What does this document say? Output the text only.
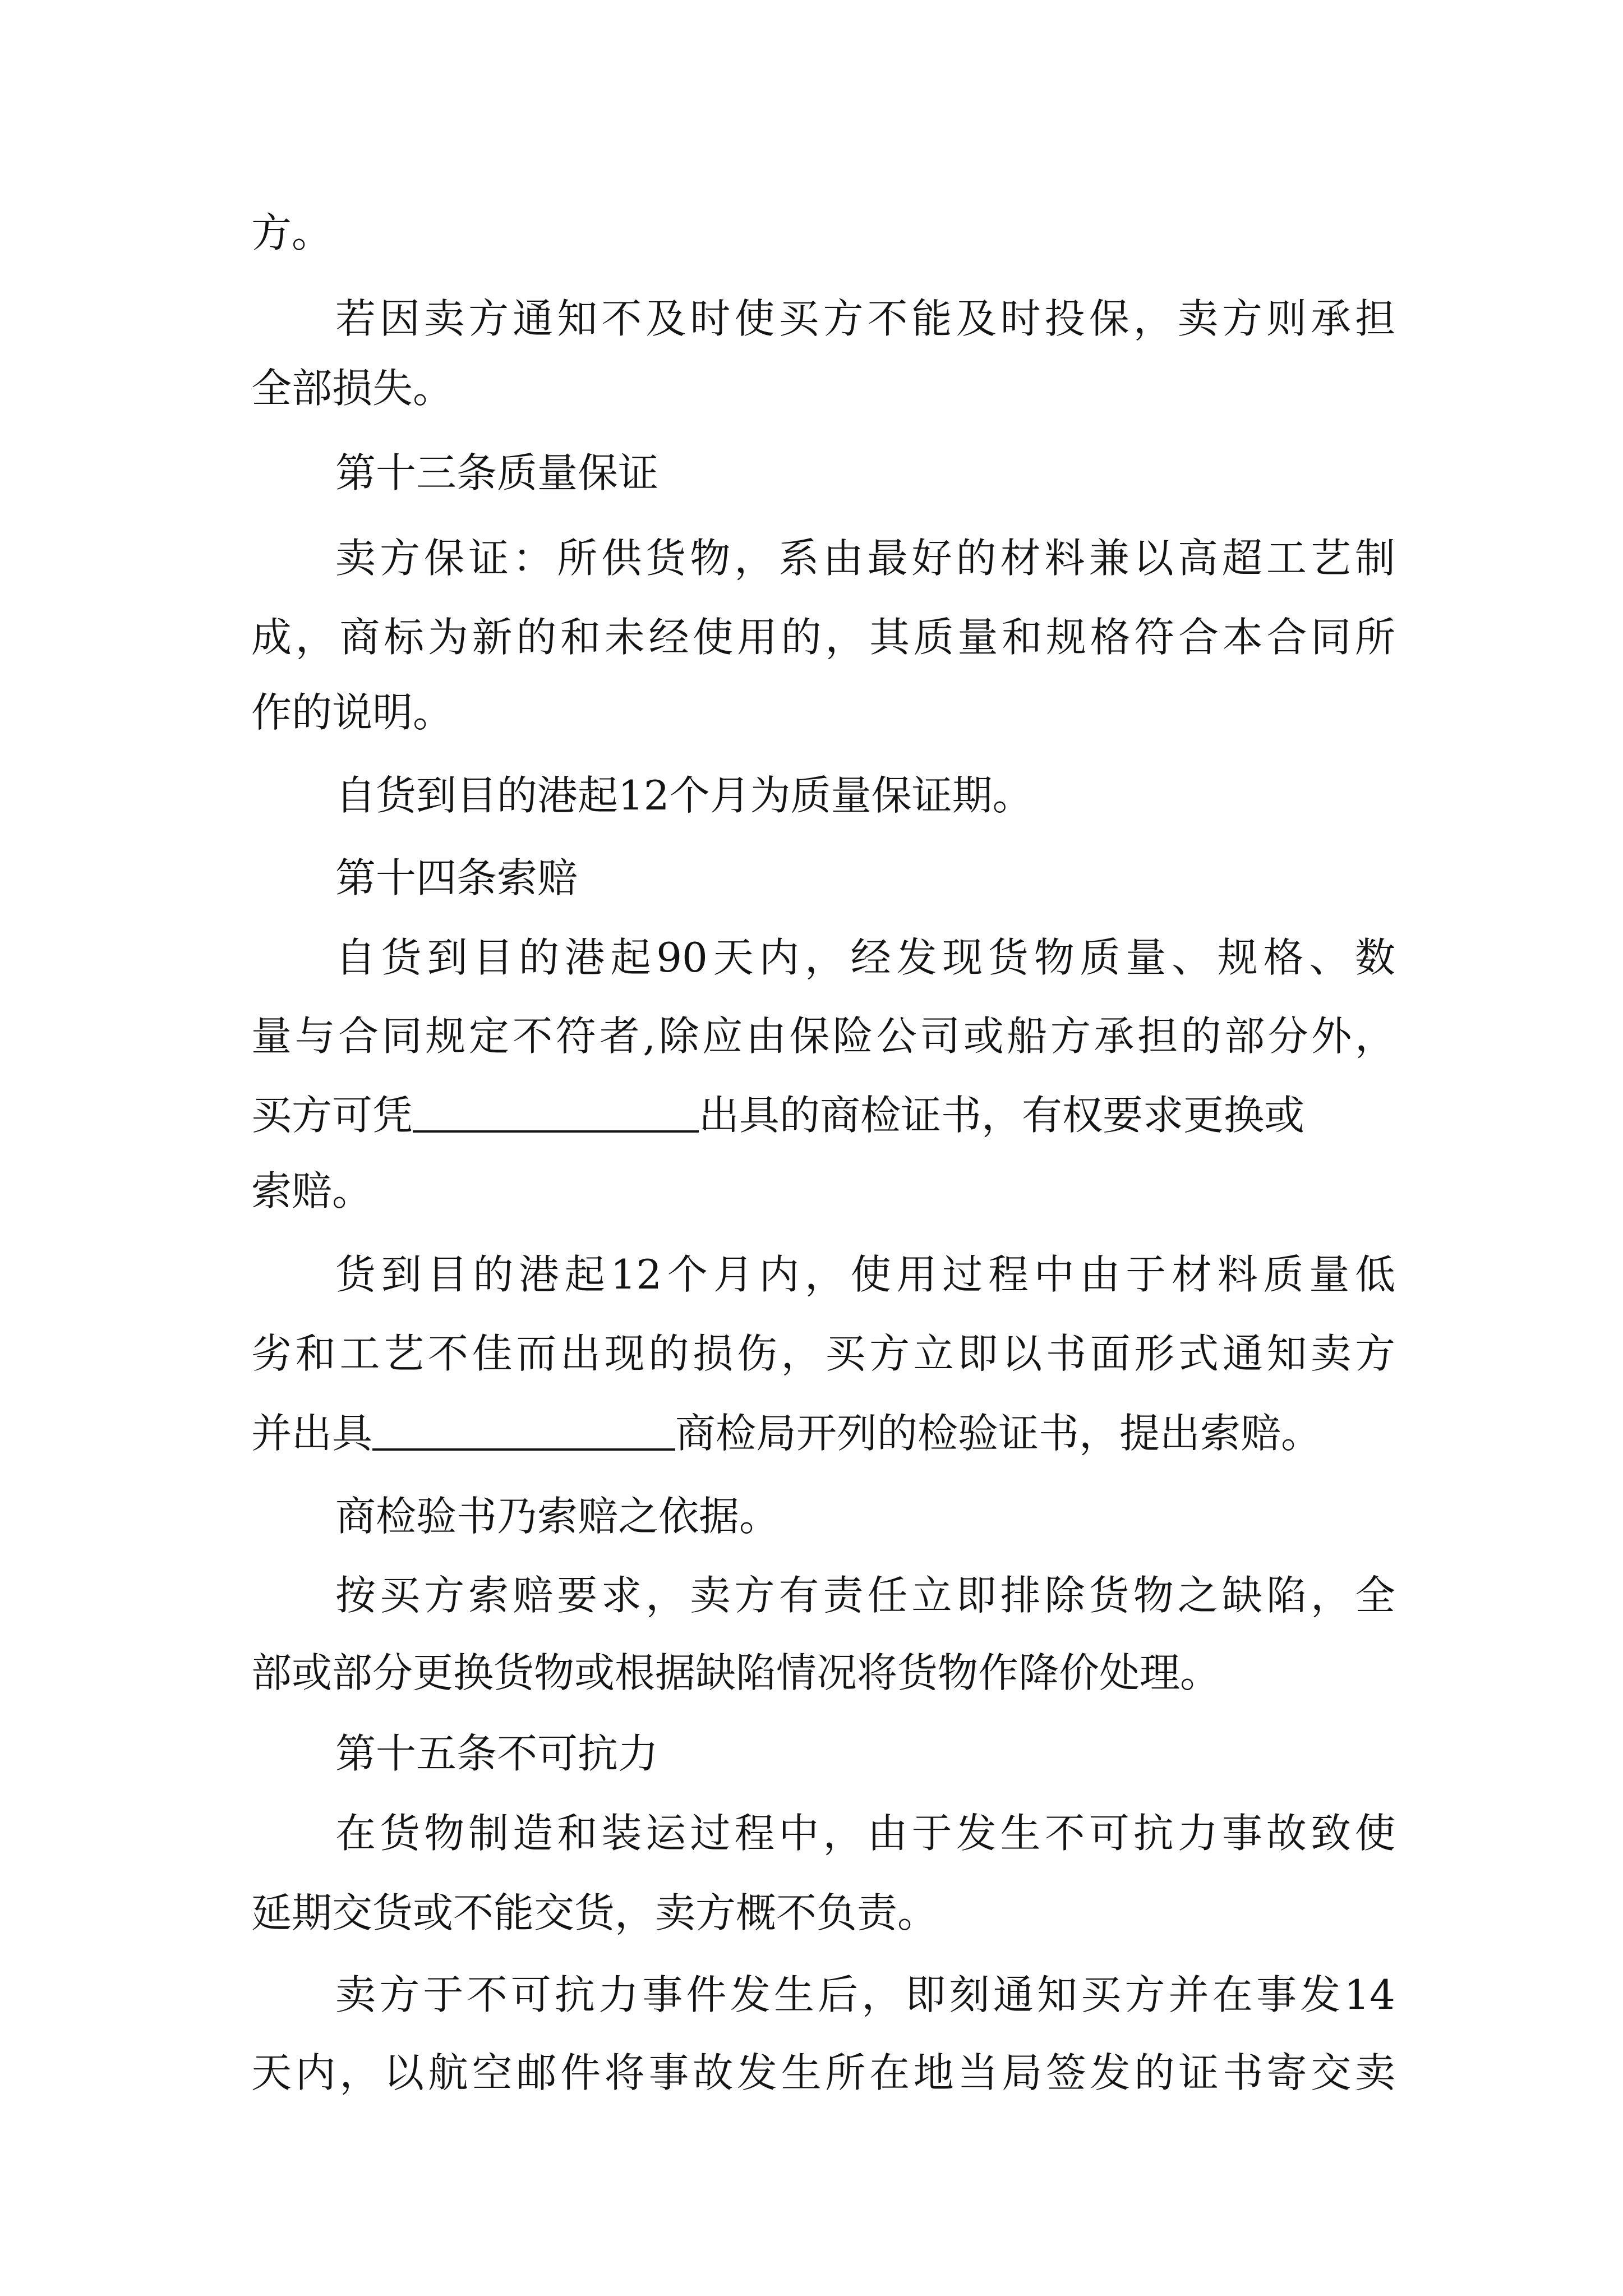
方。
若因卖方通知不及时使买方不能及时投保，卖方则承担
全部损失。
第十三条质量保证
卖方保证：所供货物，系由最好的材料兼以高超工艺制
成，商标为新的和未经使用的，其质量和规格符合本合同所
作的说明。
自货到目的港起12个月为质量保证期。
第十四条索赔
自货到目的港起90天内，经发现货物质量、规格、数
量与合同规定不符者,除应由保险公司或船方承担的部分外，
买方可凭	出具的商检证书，有权要求更换或
索赔。
货到目的港起12个月内，使用过程中由于材料质量低
劣和工艺不佳而出现的损伤，买方立即以书面形式通知卖方
并出具	商检局开列的检验证书，提出索赔。
商检验书乃索赔之依据。
按买方索赔要求，卖方有责任立即排除货物之缺陷，全
部或部分更换货物或根据缺陷情况将货物作降价处理。
第十五条不可抗力
在货物制造和装运过程中，由于发生不可抗力事故致使
延期交货或不能交货，卖方概不负责。
卖方于不可抗力事件发生后，即刻通知买方并在事发14
天内，以航空邮件将事故发生所在地当局签发的证书寄交卖
